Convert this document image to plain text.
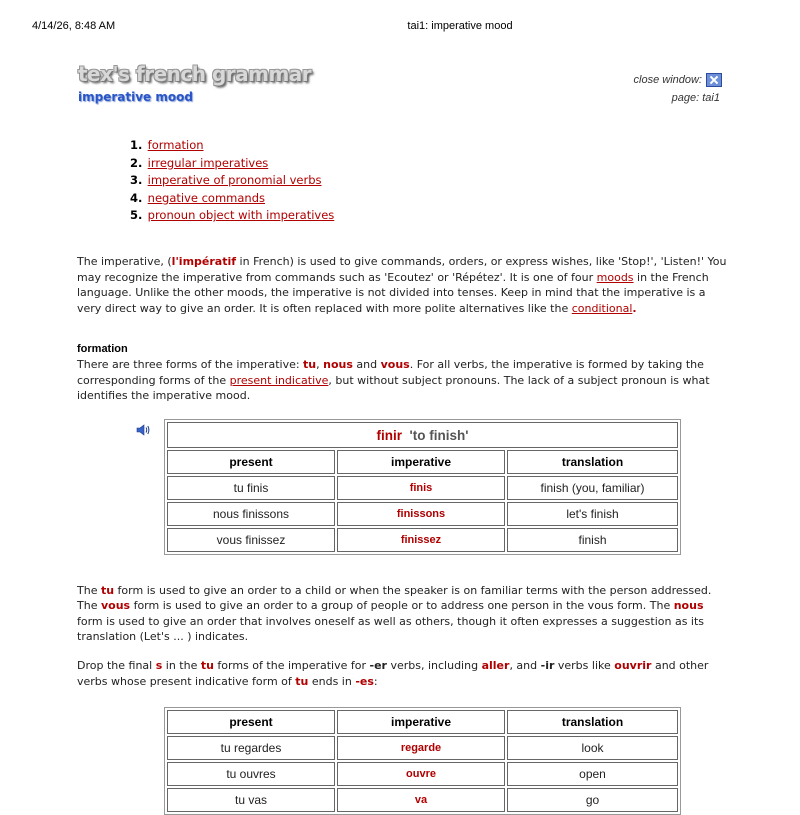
4/14/26, 8:48 AM	tai1: imperative mood
tex's french grammar
imperative mood
close window:
page: tai1
1. formation
2. irregular imperatives
3. imperative of pronomial verbs
4. negative commands
5. pronoun object with imperatives

The imperative, (l'impératif in French) is used to give commands, orders, or express wishes, like 'Stop!', 'Listen!' You may recognize the imperative from commands such as 'Ecoutez' or 'Répétez'. It is one of four moods in the French language. Unlike the other moods, the imperative is not divided into tenses. Keep in mind that the imperative is a very direct way to give an order. It is often replaced with more polite alternatives like the conditional.

formation

There are three forms of the imperative: tu, nous and vous. For all verbs, the imperative is formed by taking the corresponding forms of the present indicative, but without subject pronouns. The lack of a subject pronoun is what identifies the imperative mood.

finir 'to finish'		
present	imperative	translation
tu finis	finis	finish (you, familiar)
nous finissons	finissons	let's finish
vous finissez	finissez	finish

The tu form is used to give an order to a child or when the speaker is on familiar terms with the person addressed.

The vous form is used to give an order to a group of people or to address one person in the vous form. The nous form is used to give an order that involves oneself as well as others, though it often expresses a suggestion as its translation (Let's ... ) indicates.

Drop the final s in the tu forms of the imperative for -er verbs, including aller, and -ir verbs like ouvrir and other verbs whose present indicative form of tu ends in -es:

present	imperative	translation
tu regardes	regarde	look
tu ouvres	ouvre	open
tu vas	va	go
